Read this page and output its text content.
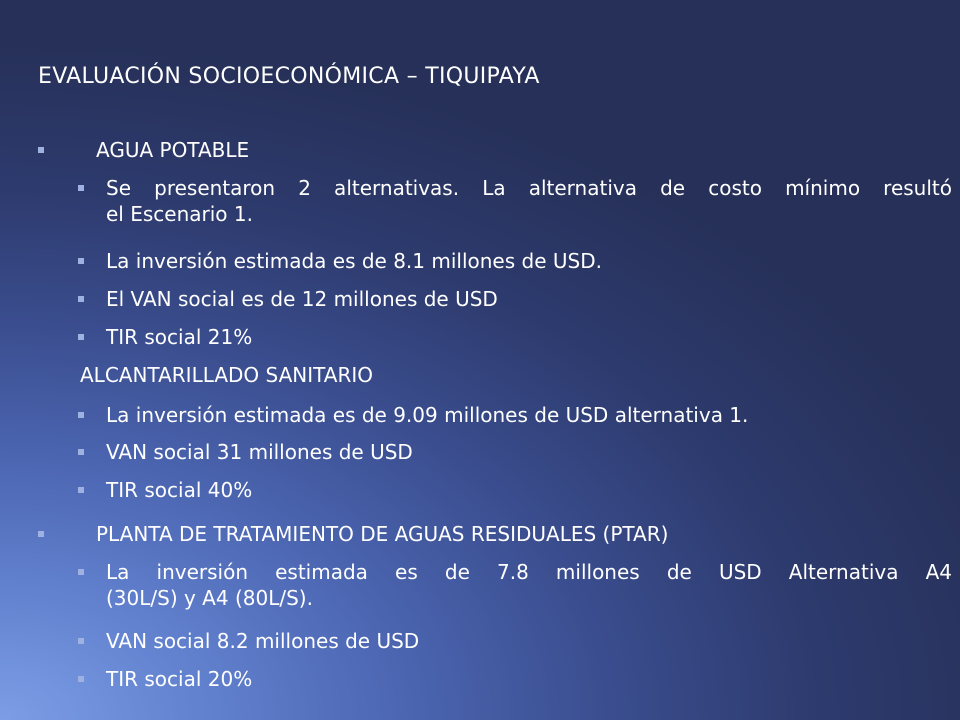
EVALUACIÓN SOCIOECONÓMICA – TIQUIPAYA
AGUA POTABLE
Se presentaron 2 alternativas. La alternativa de costo mínimo resultó
el Escenario 1.
La inversión estimada es de 8.1 millones de USD.
El VAN social es de 12 millones de USD
TIR social 21%
ALCANTARILLADO SANITARIO
La inversión estimada es de 9.09 millones de USD alternativa 1.
VAN social 31 millones de USD
TIR social 40%
PLANTA DE TRATAMIENTO DE AGUAS RESIDUALES (PTAR)
La inversión estimada es de 7.8 millones de USD Alternativa A4
(30L/S) y A4 (80L/S).
VAN social 8.2 millones de USD
TIR social 20%
